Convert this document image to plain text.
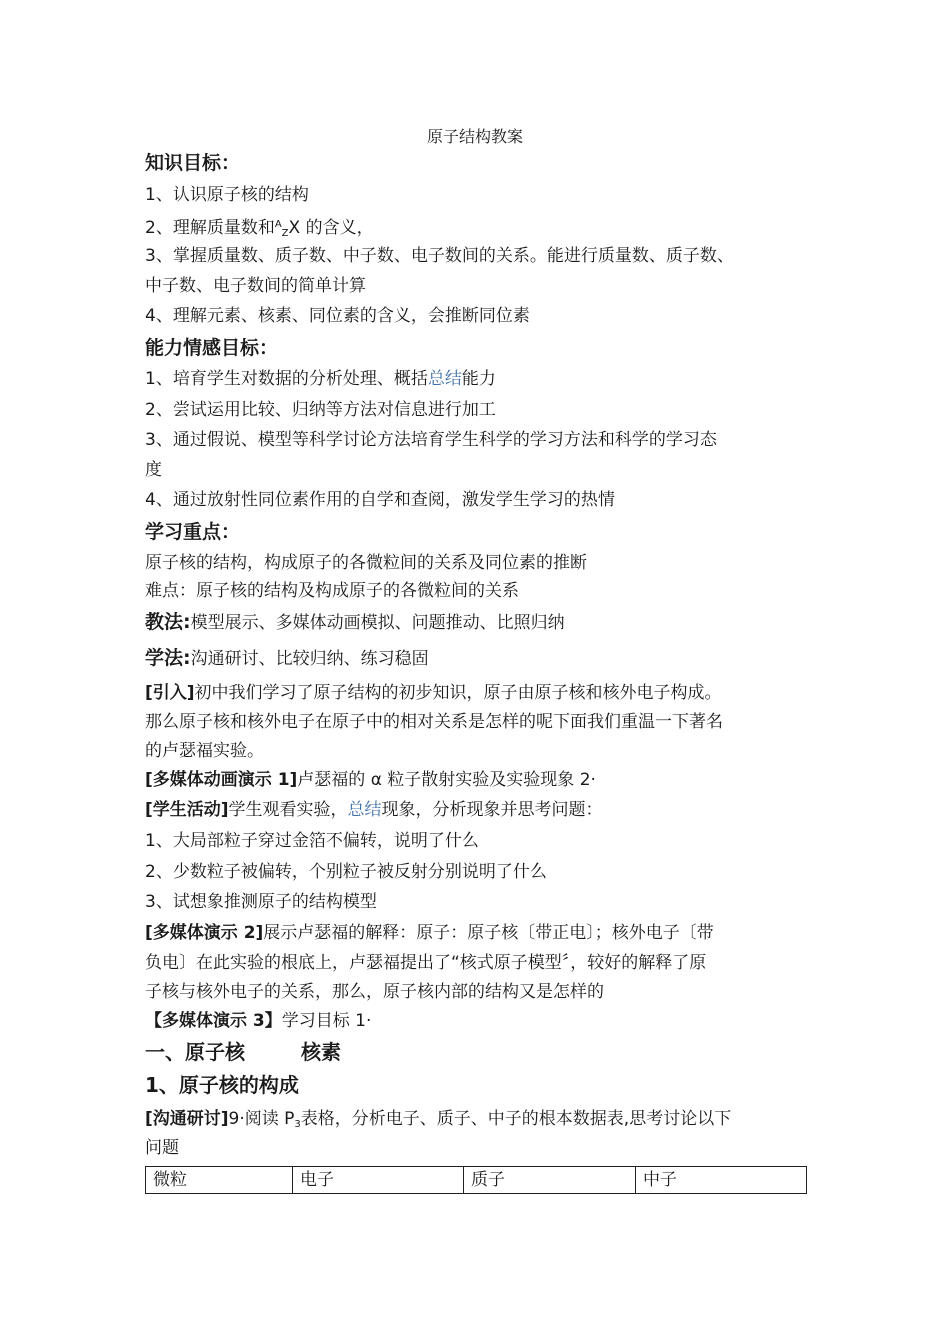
原子结构教案
知识目标：
1、认识原子核的结构
2、理解质量数和$^A_Z$X 的含义，
3、掌握质量数、质子数、中子数、电子数间的关系。能进行质量数、质子数、
中子数、电子数间的简单计算
4、理解元素、核素、同位素的含义，会推断同位素
能力情感目标：
1、培育学生对数据的分析处理、概括总结能力
2、尝试运用比较、归纳等方法对信息进行加工
3、通过假说、模型等科学讨论方法培育学生科学的学习方法和科学的学习态
度
4、通过放射性同位素作用的自学和查阅，激发学生学习的热情
学习重点：
原子核的结构，构成原子的各微粒间的关系及同位素的推断
难点：原子核的结构及构成原子的各微粒间的关系
教法:模型展示、多媒体动画模拟、问题推动、比照归纳
学法:沟通研讨、比较归纳、练习稳固
[引入]初中我们学习了原子结构的初步知识，原子由原子核和核外电子构成。
那么原子核和核外电子在原子中的相对关系是怎样的呢下面我们重温一下著名
的卢瑟福实验。
[多媒体动画演示 1]卢瑟福的 α 粒子散射实验及实验现象 2·
[学生活动]学生观看实验，总结现象，分析现象并思考问题：
1、大局部粒子穿过金箔不偏转，说明了什么
2、少数粒子被偏转，个别粒子被反射分别说明了什么
3、试想象推测原子的结构模型
[多媒体演示 2]展示卢瑟福的解释：原子：原子核〔带正电〕；核外电子〔带
负电〕在此实验的根底上，卢瑟福提出了“核式原子模型〞，较好的解释了原
子核与核外电子的关系，那么，原子核内部的结构又是怎样的
【多媒体演示 3】学习目标 1·
一、原子核	核素
1、原子核的构成
[沟通研讨]9·阅读 $P_3$表格，分析电子、质子、中子的根本数据表,思考讨论以下
问题
微粒	电子	质子	中子
